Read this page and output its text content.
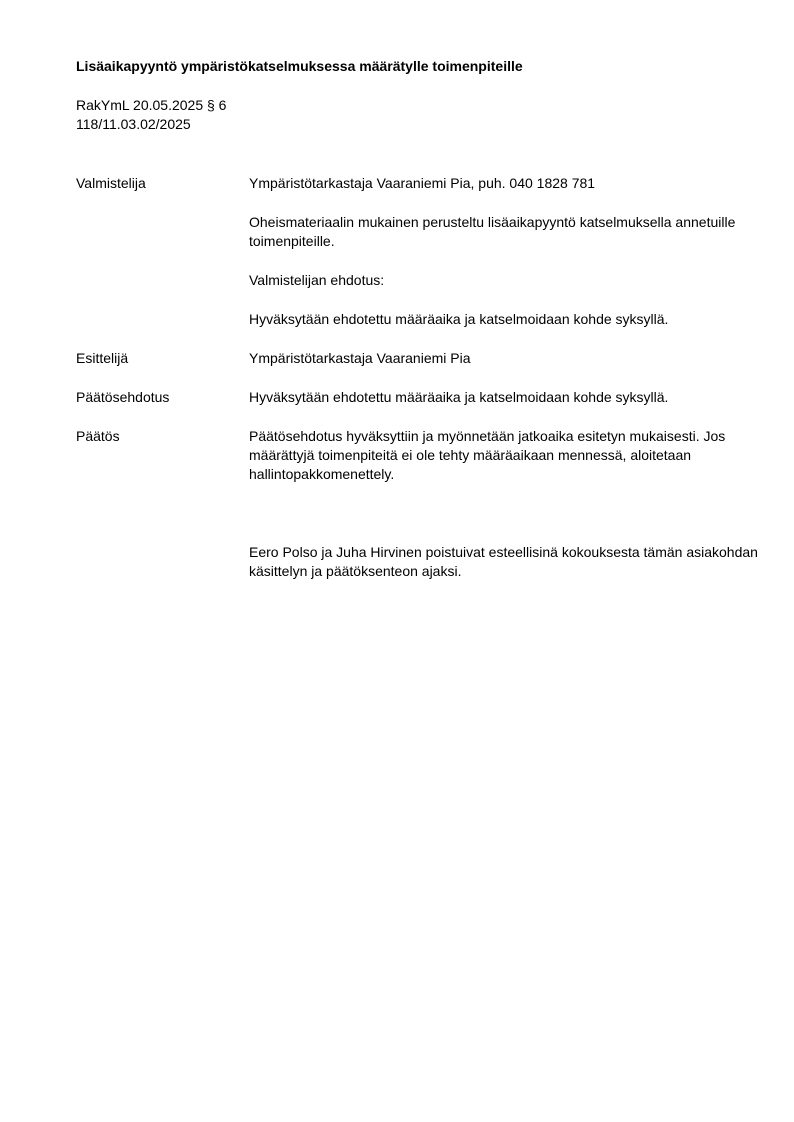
Lisäaikapyyntö ympäristökatselmuksessa määrätylle toimenpiteille
RakYmL 20.05.2025 § 6
118/11.03.02/2025
Valmistelija	Ympäristötarkastaja Vaaraniemi Pia, puh. 040 1828 781
Oheismateriaalin mukainen perusteltu lisäaikapyyntö katselmuksella annetuille toimenpiteille.
Valmistelijan ehdotus:
Hyväksytään ehdotettu määräaika ja katselmoidaan kohde syksyllä.
Esittelijä	Ympäristötarkastaja Vaaraniemi Pia
Päätösehdotus	Hyväksytään ehdotettu määräaika ja katselmoidaan kohde syksyllä.
Päätös	Päätösehdotus hyväksyttiin ja myönnetään jatkoaika esitetyn mukaisesti. Jos määrättyjä toimenpiteitä ei ole tehty määräaikaan mennessä, aloitetaan hallintopakkomenettely.
Eero Polso ja Juha Hirvinen poistuivat esteellisinä kokouksesta tämän asiakohdan käsittelyn ja päätöksenteon ajaksi.
